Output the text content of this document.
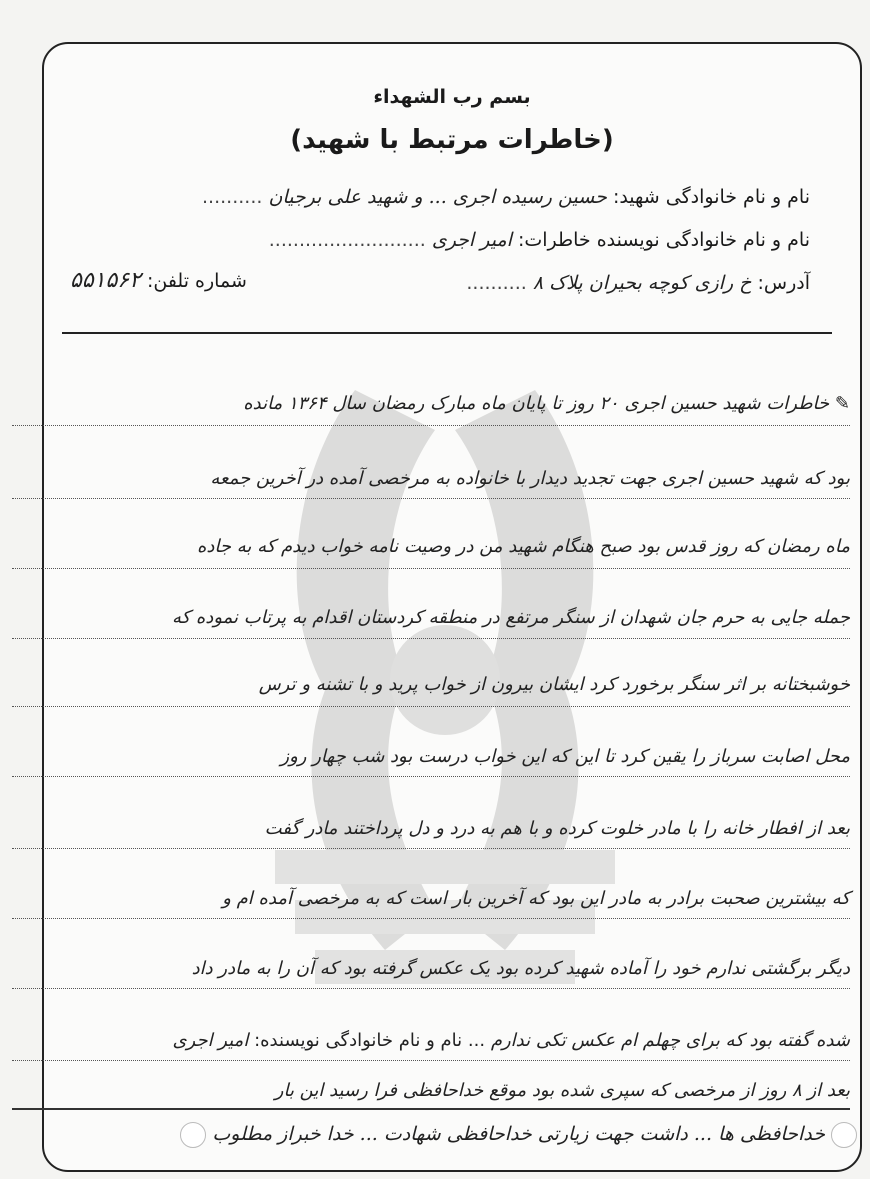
بسم رب الشهداء
(خاطرات مرتبط با شهید)
نام و نام خانوادگی شهید: حسین رسیده اجری ... و شهید علی برجیان ..........
نام و نام خانوادگی نویسنده خاطرات: امیر اجری ..........................
آدرس: خ رازی کوچه بحیران پلاک ۸ ..........
شماره تلفن: ۵۵۱۵۶۲
✎ خاطرات شهید حسین اجری ۲۰ روز تا پایان ماه مبارک رمضان سال ۱۳۶۴ مانده
بود که شهید حسین اجری جهت تجدید دیدار با خانواده به مرخصی آمده در آخرین جمعه
ماه رمضان که روز قدس بود صبح هنگام شهید من در وصیت نامه خواب دیدم که به جاده
جمله جایی به حرم جان شهدان از سنگر مرتفع در منطقه کردستان اقدام به پرتاب نموده که
خوشبختانه بر اثر سنگر برخورد کرد ایشان بیرون از خواب پرید و با تشنه و ترس
محل اصابت سرباز را یقین کرد تا این که این خواب درست بود شب چهار روز
بعد از افطار خانه را با مادر خلوت کرده و با هم به درد و دل پرداختند مادر گفت
که بیشترین صحبت برادر به مادر این بود که آخرین بار است که به مرخصی آمده ام و
دیگر برگشتی ندارم خود را آماده شهید کرده بود یک عکس گرفته بود که آن را به مادر داد
شده گفته بود که برای چهلم ام عکس تکی ندارم ... نام و نام خانوادگی نویسنده: امیر اجری
بعد از ۸ روز از مرخصی که سپری شده بود موقع خداحافظی فرا رسید این بار
خداحافظی ها ... داشت جهت زیارتی خداحافظی شهادت ... خدا خبراز مطلوب
